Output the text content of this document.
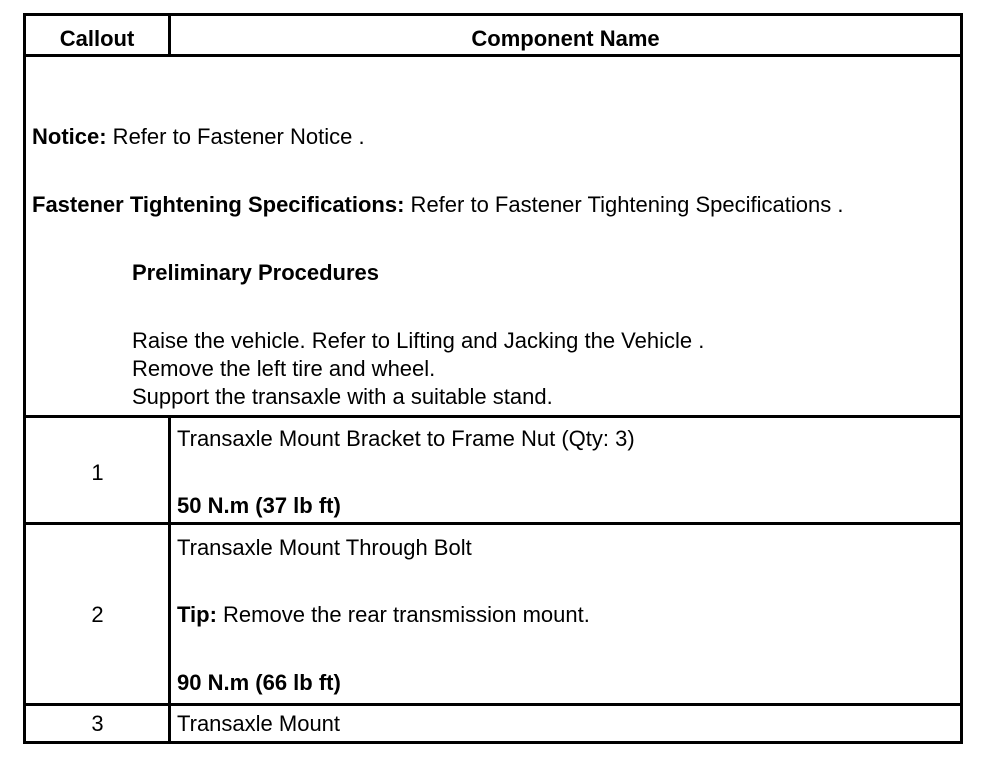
Callout	Component Name
Notice: Refer to Fastener Notice .
Fastener Tightening Specifications: Refer to Fastener Tightening Specifications .
Preliminary Procedures
Raise the vehicle. Refer to Lifting and Jacking the Vehicle .
Remove the left tire and wheel.
Support the transaxle with a suitable stand.
1
Transaxle Mount Bracket to Frame Nut (Qty: 3)
50 N.m (37 lb ft)
2
Transaxle Mount Through Bolt
Tip: Remove the rear transmission mount.
90 N.m (66 lb ft)
3	Transaxle Mount
